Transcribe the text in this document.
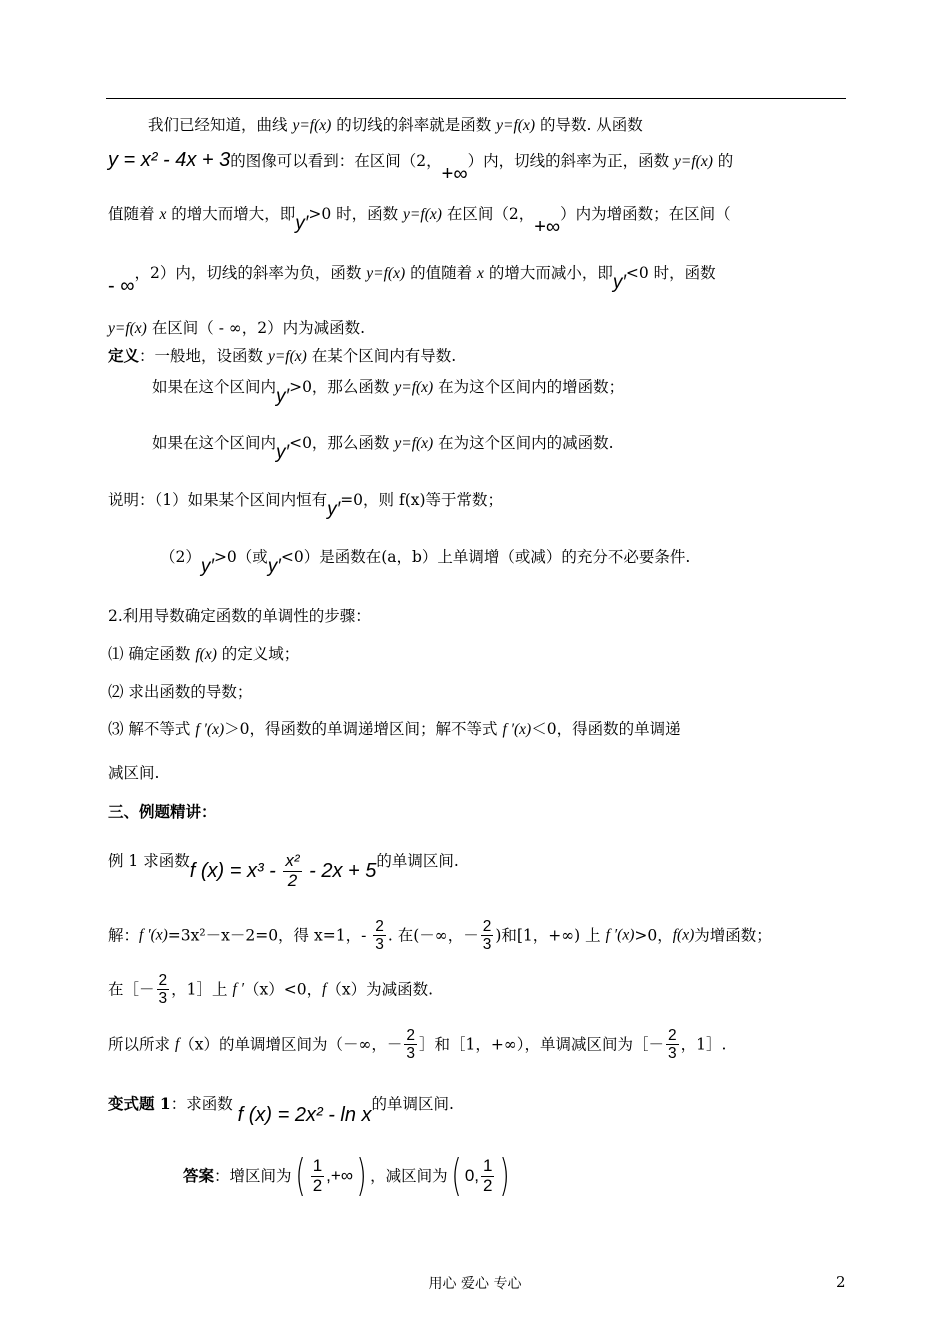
我们已经知道，曲线 y=f(x) 的切线的斜率就是函数 y=f(x) 的导数. 从函数
y = x² - 4x + 3的图像可以看到：在区间（2，+∞）内，切线的斜率为正，函数 y=f(x) 的
值随着 x 的增大而增大，即y′>0 时，函数 y=f(x) 在区间（2，+∞）内为增函数；在区间（
- ∞，2）内，切线的斜率为负，函数 y=f(x) 的值随着 x 的增大而减小，即y′<0 时，函数
y=f(x) 在区间（ - ∞，2）内为减函数.
定义：一般地，设函数 y=f(x) 在某个区间内有导数.
如果在这个区间内y′>0，那么函数 y=f(x) 在为这个区间内的增函数；
如果在这个区间内y′<0，那么函数 y=f(x) 在为这个区间内的减函数.
说明：（1）如果某个区间内恒有y′=0，则 f(x)等于常数；
（2）y′>0（或y′<0）是函数在(a，b）上单调增（或减）的充分不必要条件.
2.利用导数确定函数的单调性的步骤：
⑴ 确定函数 f(x) 的定义域；
⑵ 求出函数的导数；
⑶ 解不等式 f ′(x)＞0，得函数的单调递增区间；解不等式 f ′(x)＜0，得函数的单调递
减区间.
三、例题精讲：
例 1 求函数f $(x) = x^3 - \frac{\text{x²}}{2} - 2x + 5$的单调区间.
解：f ′(x)=3x²－x－2=0，得 x=1，- $\frac{2}{3}$ . 在(－∞，－ $\frac{2}{3}$ )和[1，+∞) 上 f ′(x)>0，f(x)为增函数；
在［－ $\frac{2}{3}$ ，1］上 f ′（x）<0，f（x）为减函数.
所以所求 f（x）的单调增区间为（－∞，－ $\frac{2}{3}$ ］和［1，+∞），单调减区间为［－ $\frac{2}{3}$ ，1］.
变式题 1：求函数 f (x) = 2x² - ln x的单调区间.
答案：增区间为( $\frac{1}{2}$ ,+∞) ，减区间为( 0, $\frac{1}{2}$ )
用心 爱心 专心	2
